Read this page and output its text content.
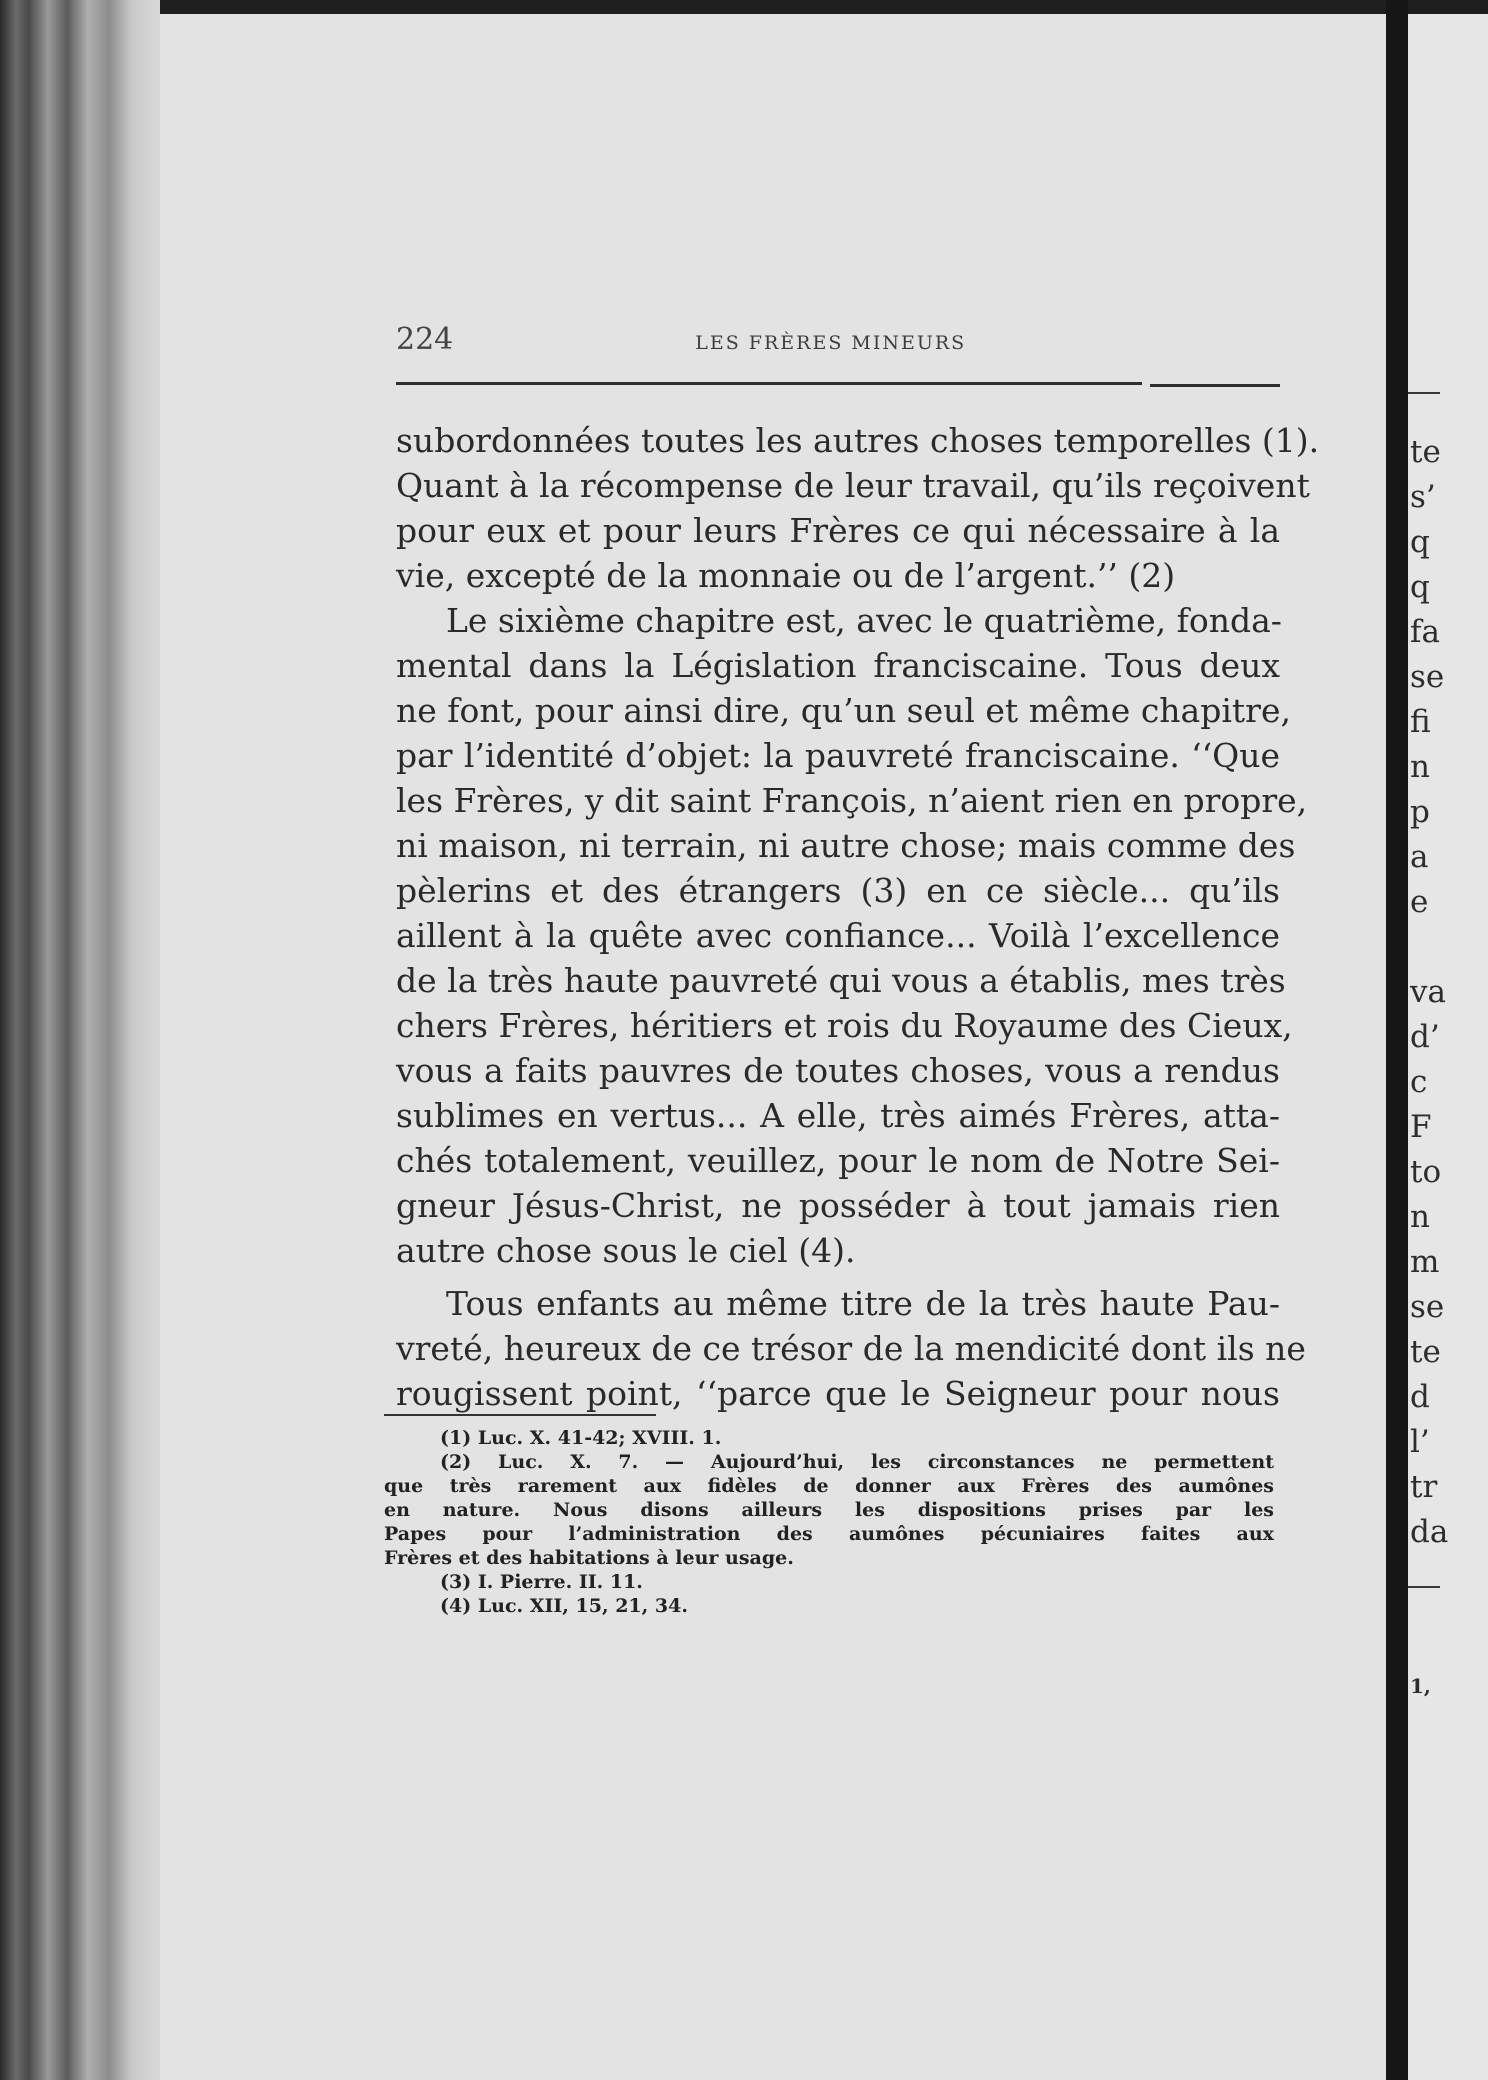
224	LES FRÈRES MINEURS

subordonnées toutes les autres choses temporelles (1).
Quant à la récompense de leur travail, qu’ils reçoivent
pour eux et pour leurs Frères ce qui nécessaire à la
vie, excepté de la monnaie ou de l’argent.’’ (2)

Le sixième chapitre est, avec le quatrième, fonda-
mental dans la Législation franciscaine. Tous deux
ne font, pour ainsi dire, qu’un seul et même chapitre,
par l’identité d’objet: la pauvreté franciscaine. ‘‘Que
les Frères, y dit saint François, n’aient rien en propre,
ni maison, ni terrain, ni autre chose; mais comme des
pèlerins et des étrangers (3) en ce siècle... qu’ils
aillent à la quête avec confiance... Voilà l’excellence
de la très haute pauvreté qui vous a établis, mes très
chers Frères, héritiers et rois du Royaume des Cieux,
vous a faits pauvres de toutes choses, vous a rendus
sublimes en vertus... A elle, très aimés Frères, atta-
chés totalement, veuillez, pour le nom de Notre Sei-
gneur Jésus-Christ, ne posséder à tout jamais rien
autre chose sous le ciel (4).

Tous enfants au même titre de la très haute Pau-
vreté, heureux de ce trésor de la mendicité dont ils ne
rougissent point, ‘‘parce que le Seigneur pour nous

(1) Luc. X. 41-42; XVIII. 1.
(2) Luc. X. 7. — Aujourd’hui, les circonstances ne permettent
que très rarement aux fidèles de donner aux Frères des aumônes
en nature. Nous disons ailleurs les dispositions prises par les
Papes pour l’administration des aumônes pécuniaires faites aux
Frères et des habitations à leur usage.
(3) I. Pierre. II. 11.
(4) Luc. XII, 15, 21, 34.
te
s’
q
q
fa
se
fi
n
p
a
e
va
d’
c
F
to
n
m
se
te
d
l’
tr
da
1,
